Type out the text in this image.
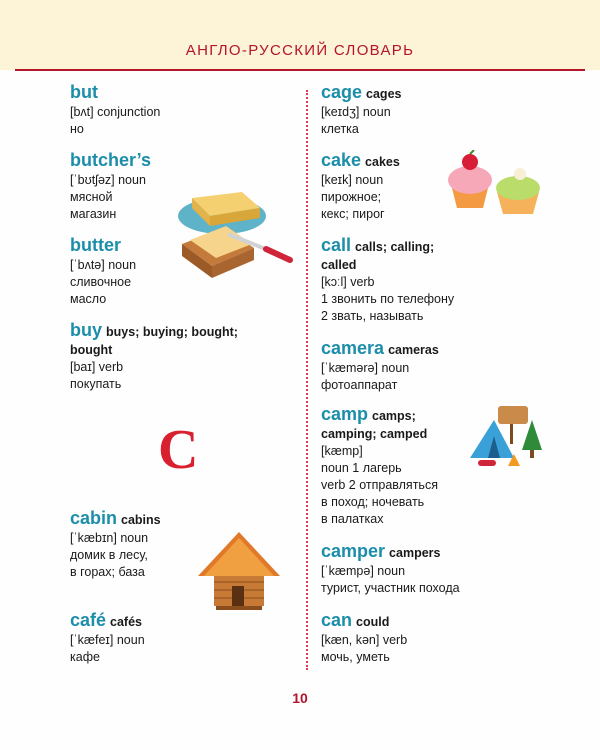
АНГЛО-РУССКИЙ СЛОВАРЬ
but
[bʌt] conjunction
но
butcher’s
[ˈbʊtʃəz] noun
мясной
магазин
butter
[ˈbʌtə] noun
сливочное
масло
buy buys; buying; bought;
bought
[baɪ] verb
покупать
cabin cabins
[ˈkæbɪn] noun
домик в лесу,
в горах; база
café cafés
[ˈkæfeɪ] noun
кафе
C
cage cages
[keɪdʒ] noun
клетка
cake cakes
[keɪk] noun
пирожное;
кекс; пирог
call calls; calling;
called
[kɔːl] verb
1 звонить по телефону
2 звать, называть
camera cameras
[ˈkæmərə] noun
фотоаппарат
camp camps;
camping; camped
[kæmp]
noun 1 лагерь
verb 2 отправляться
в поход; ночевать
в палатках
camper campers
[ˈkæmpə] noun
турист, участник похода
can could
[kæn, kən] verb
мочь, уметь
10
